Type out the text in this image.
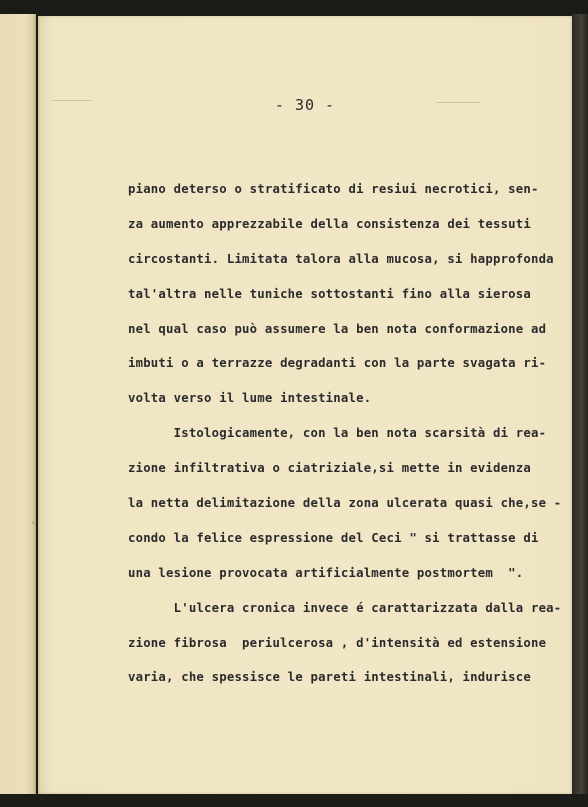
- 30 -
piano deterso o stratificato di resiui necrotici, sen-
za aumento apprezzabile della consistenza dei tessuti
circostanti. Limitata talora alla mucosa, si happrofonda
tal'altra nelle tuniche sottostanti fino alla sierosa
nel qual caso può assumere la ben nota conformazione ad
imbuti o a terrazze degradanti con la parte svagata ri-
volta verso il lume intestinale.
Istologicamente, con la ben nota scarsità di rea-
zione infiltrativa o ciatriziale,si mette in evidenza
la netta delimitazione della zona ulcerata quasi che,se -
condo la felice espressione del Ceci " si trattasse di
una lesione provocata artificialmente postmortem  ".
L'ulcera cronica invece é carattarizzata dalla rea-
zione fibrosa  periulcerosa , d'intensità ed estensione
varia, che spessisce le pareti intestinali, indurisce
